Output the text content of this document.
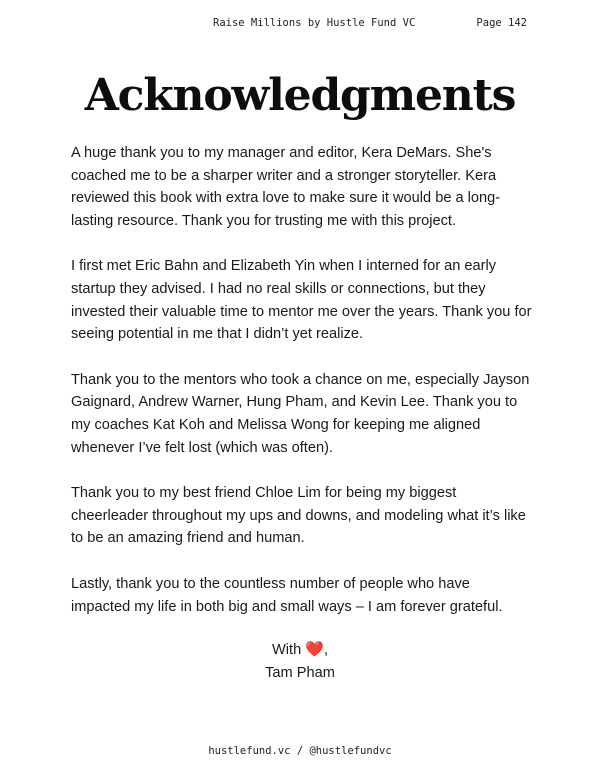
Raise Millions by Hustle Fund VC	Page 142
Acknowledgments

A huge thank you to my manager and editor, Kera DeMars. She's coached me to be a sharper writer and a stronger storyteller. Kera reviewed this book with extra love to make sure it would be a long-lasting resource. Thank you for trusting me with this project.

I first met Eric Bahn and Elizabeth Yin when I interned for an early startup they advised. I had no real skills or connections, but they invested their valuable time to mentor me over the years. Thank you for seeing potential in me that I didn’t yet realize.

Thank you to the mentors who took a chance on me, especially Jayson Gaignard, Andrew Warner, Hung Pham, and Kevin Lee. Thank you to my coaches Kat Koh and Melissa Wong for keeping me aligned whenever I’ve felt lost (which was often).

Thank you to my best friend Chloe Lim for being my biggest cheerleader throughout my ups and downs, and modeling what it’s like to be an amazing friend and human.

Lastly, thank you to the countless number of people who have impacted my life in both big and small ways – I am forever grateful.

With ❤️,
Tam Pham
hustlefund.vc / @hustlefundvc
